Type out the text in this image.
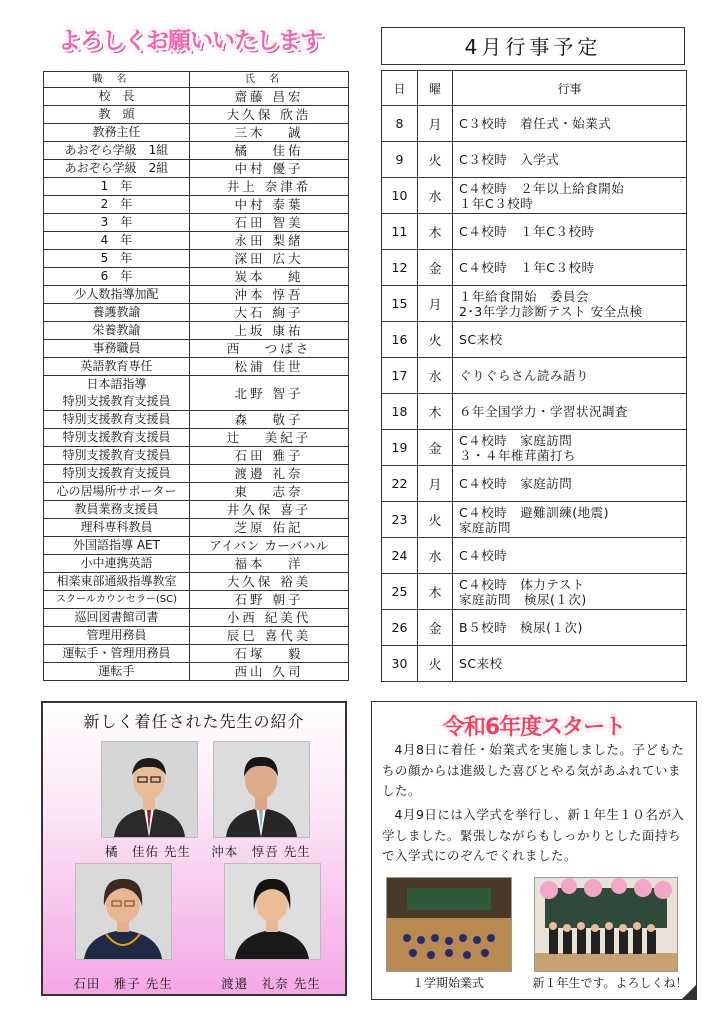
よろしくお願いいたします
職名	氏名
校　長	齋藤 昌宏
教　頭	大久保 欣浩
教務主任	三木　 誠
あおぞら学級　1組	橘　 佳佑
あおぞら学級　2組	中村 優子
1　年	井上 奈津希
2　年	中村 泰葉
3　年	石田 智美
4　年	永田 梨緒
5　年	深田 広大
6　年	炭本　 純
少人数指導加配	沖本 惇吾
養護教諭	大石 絢子
栄養教諭	上坂 康祐
事務職員	西　 つばさ
英語教育専任	松浦 佳世
日本語指導
特別支援教育支援員	北野 智子
特別支援教育支援員	森　 敬子
特別支援教育支援員	辻　 美紀子
特別支援教育支援員	石田 雅子
特別支援教育支援員	渡邉 礼奈
心の居場所サポーター	東　 志奈
教員業務支援員	井久保 喜子
理科専科教員	芝原 佑記
外国語指導 AET	アイバン カーバハル
小中連携英語	福本　 洋
相楽東部通級指導教室	大久保 裕美
スクールカウンセラー(SC)	石野 朝子
巡回図書館司書	小西 紀美代
管理用務員	辰巳 喜代美
運転手・管理用務員	石塚　 毅
運転手	西山 久司
4月行事予定
日	曜	行事
8	月	C３校時　着任式・始業式
9	火	C３校時　入学式
10	水	C４校時　２年以上給食開始
１年C３校時
11	木	C４校時　１年C３校時
12	金	C４校時　１年C３校時
15	月	１年給食開始　委員会
2･3年学力診断テスト 安全点検
16	火	SC来校
17	水	ぐりぐらさん読み語り
18	木	６年全国学力・学習状況調査
19	金	C４校時　家庭訪問
３・４年椎茸菌打ち
22	月	C４校時　家庭訪問
23	火	C４校時　避難訓練(地震)
家庭訪問
24	水	C４校時
25	木	C４校時　体力テスト
家庭訪問　検尿(１次)
26	金	B５校時　検尿(１次)
30	火	SC来校
新しく着任された先生の紹介
橘　佳佑 先生	沖本　惇吾 先生
石田　雅子 先生	渡邉　礼奈 先生
令和6年度スタート
4月8日に着任・始業式を実施しました。子どもたちの顔からは進級した喜びとやる気があふれていました。
4月9日には入学式を挙行し、新１年生１０名が入学しました。緊張しながらもしっかりとした面持ちで入学式にのぞんでくれました。
１学期始業式	新１年生です。よろしくね！
